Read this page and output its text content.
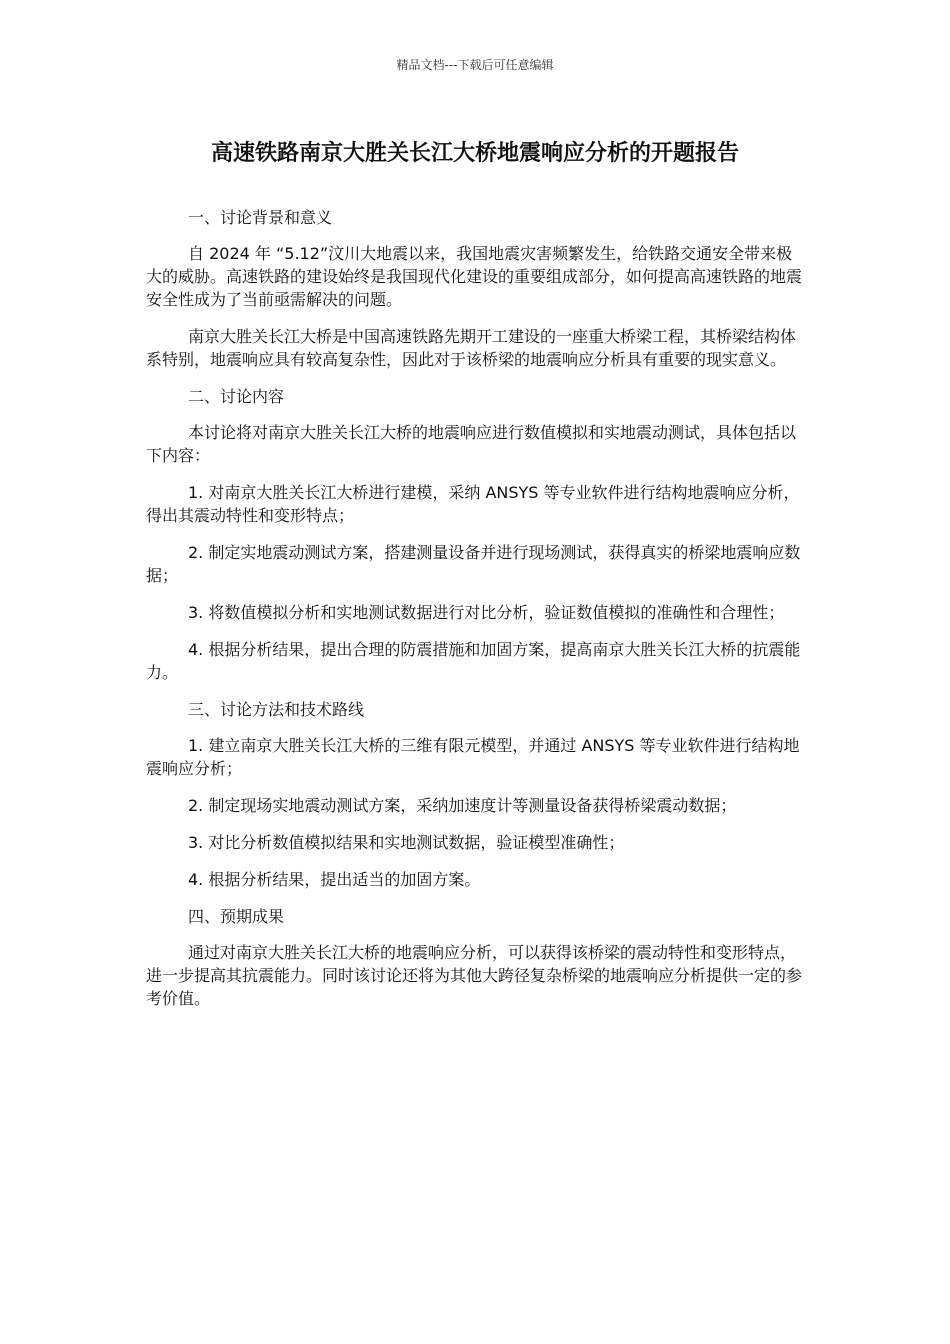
精品文档---下载后可任意编辑
高速铁路南京大胜关长江大桥地震响应分析的开题报告

一、讨论背景和意义

自 2024 年 “5.12”汶川大地震以来，我国地震灾害频繁发生，给铁路交通安全带来极大的威胁。高速铁路的建设始终是我国现代化建设的重要组成部分，如何提高高速铁路的地震安全性成为了当前亟需解决的问题。

南京大胜关长江大桥是中国高速铁路先期开工建设的一座重大桥梁工程，其桥梁结构体系特别，地震响应具有较高复杂性，因此对于该桥梁的地震响应分析具有重要的现实意义。

二、讨论内容

本讨论将对南京大胜关长江大桥的地震响应进行数值模拟和实地震动测试，具体包括以下内容：

1. 对南京大胜关长江大桥进行建模，采纳 ANSYS 等专业软件进行结构地震响应分析，得出其震动特性和变形特点；

2. 制定实地震动测试方案，搭建测量设备并进行现场测试，获得真实的桥梁地震响应数据；

3. 将数值模拟分析和实地测试数据进行对比分析，验证数值模拟的准确性和合理性；

4. 根据分析结果，提出合理的防震措施和加固方案，提高南京大胜关长江大桥的抗震能力。

三、讨论方法和技术路线

1. 建立南京大胜关长江大桥的三维有限元模型，并通过 ANSYS 等专业软件进行结构地震响应分析；

2. 制定现场实地震动测试方案，采纳加速度计等测量设备获得桥梁震动数据；

3. 对比分析数值模拟结果和实地测试数据，验证模型准确性；

4. 根据分析结果，提出适当的加固方案。

四、预期成果

通过对南京大胜关长江大桥的地震响应分析，可以获得该桥梁的震动特性和变形特点，进一步提高其抗震能力。同时该讨论还将为其他大跨径复杂桥梁的地震响应分析提供一定的参考价值。
